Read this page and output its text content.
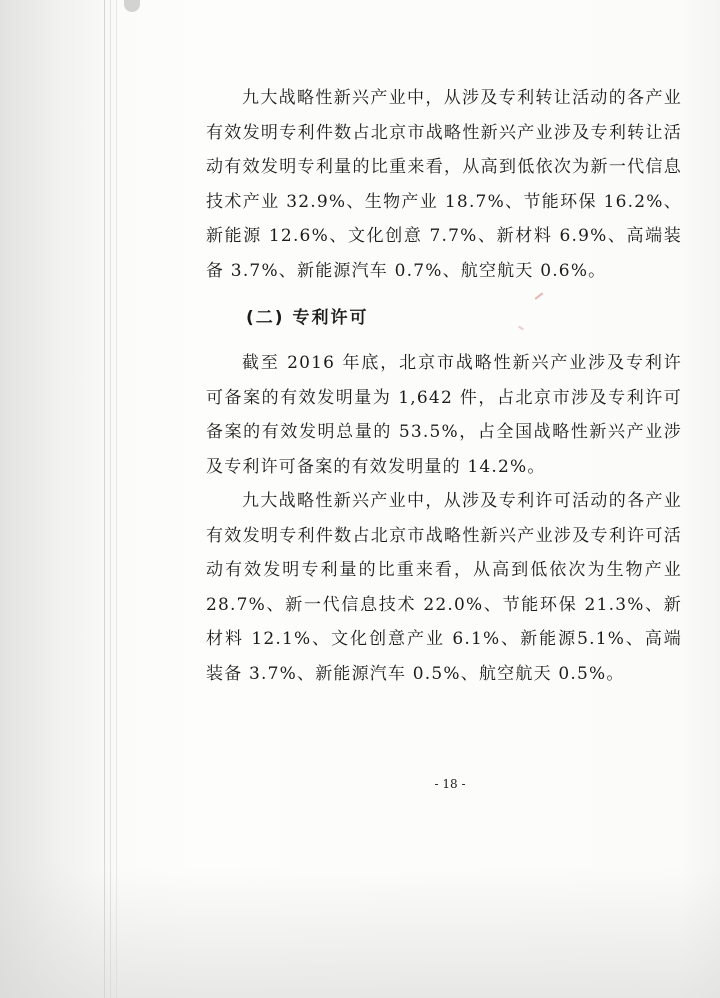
九大战略性新兴产业中，从涉及专利转让活动的各产业有效发明专利件数占北京市战略性新兴产业涉及专利转让活动有效发明专利量的比重来看，从高到低依次为新一代信息技术产业 32.9%、生物产业 18.7%、节能环保 16.2%、新能源 12.6%、文化创意 7.7%、新材料 6.9%、高端装备 3.7%、新能源汽车 0.7%、航空航天 0.6%。

(二) 专利许可

截至 2016 年底，北京市战略性新兴产业涉及专利许可备案的有效发明量为 1,642 件，占北京市涉及专利许可备案的有效发明总量的 53.5%，占全国战略性新兴产业涉及专利许可备案的有效发明量的 14.2%。

九大战略性新兴产业中，从涉及专利许可活动的各产业有效发明专利件数占北京市战略性新兴产业涉及专利许可活动有效发明专利量的比重来看，从高到低依次为生物产业 28.7%、新一代信息技术 22.0%、节能环保 21.3%、新材料 12.1%、文化创意产业 6.1%、新能源5.1%、高端装备 3.7%、新能源汽车 0.5%、航空航天 0.5%。

- 18 -
